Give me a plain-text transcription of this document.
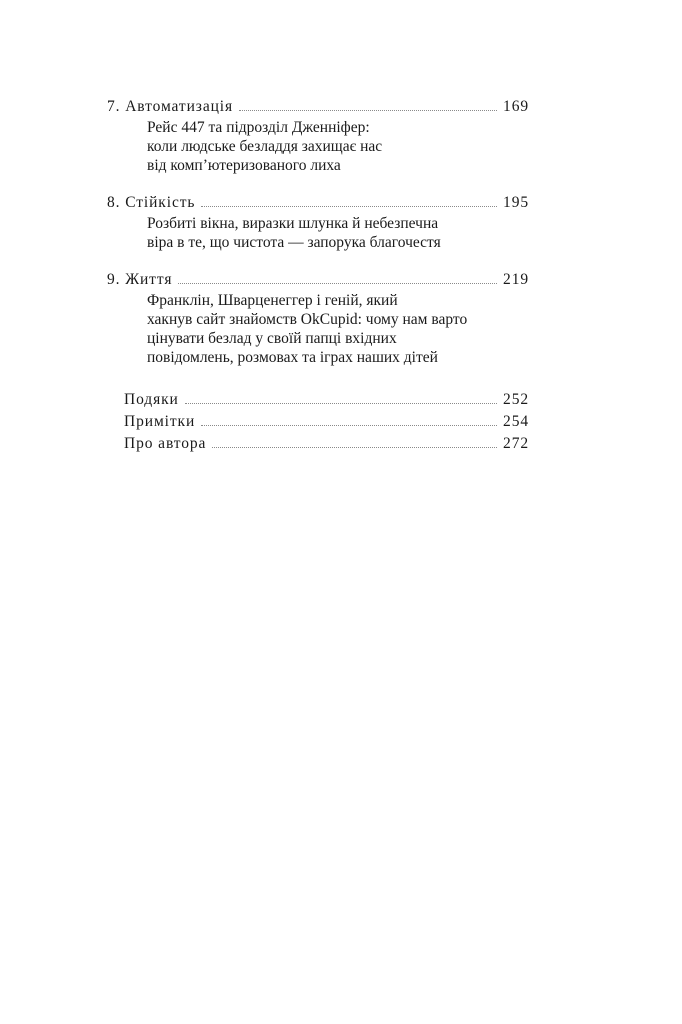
7. Автоматизація	169
Рейс 447 та підрозділ Дженніфер:
коли людське безладдя захищає нас
від комп’ютеризованого лиха
8. Стійкість	195
Розбиті вікна, виразки шлунка й небезпечна
віра в те, що чистота — запорука благочестя
9. Життя	219
Франклін, Шварценеггер і геній, який
хакнув сайт знайомств OkCupid: чому нам варто
цінувати безлад у своїй папці вхідних
повідомлень, розмовах та іграх наших дітей
Подяки	252
Примітки	254
Про автора	272
